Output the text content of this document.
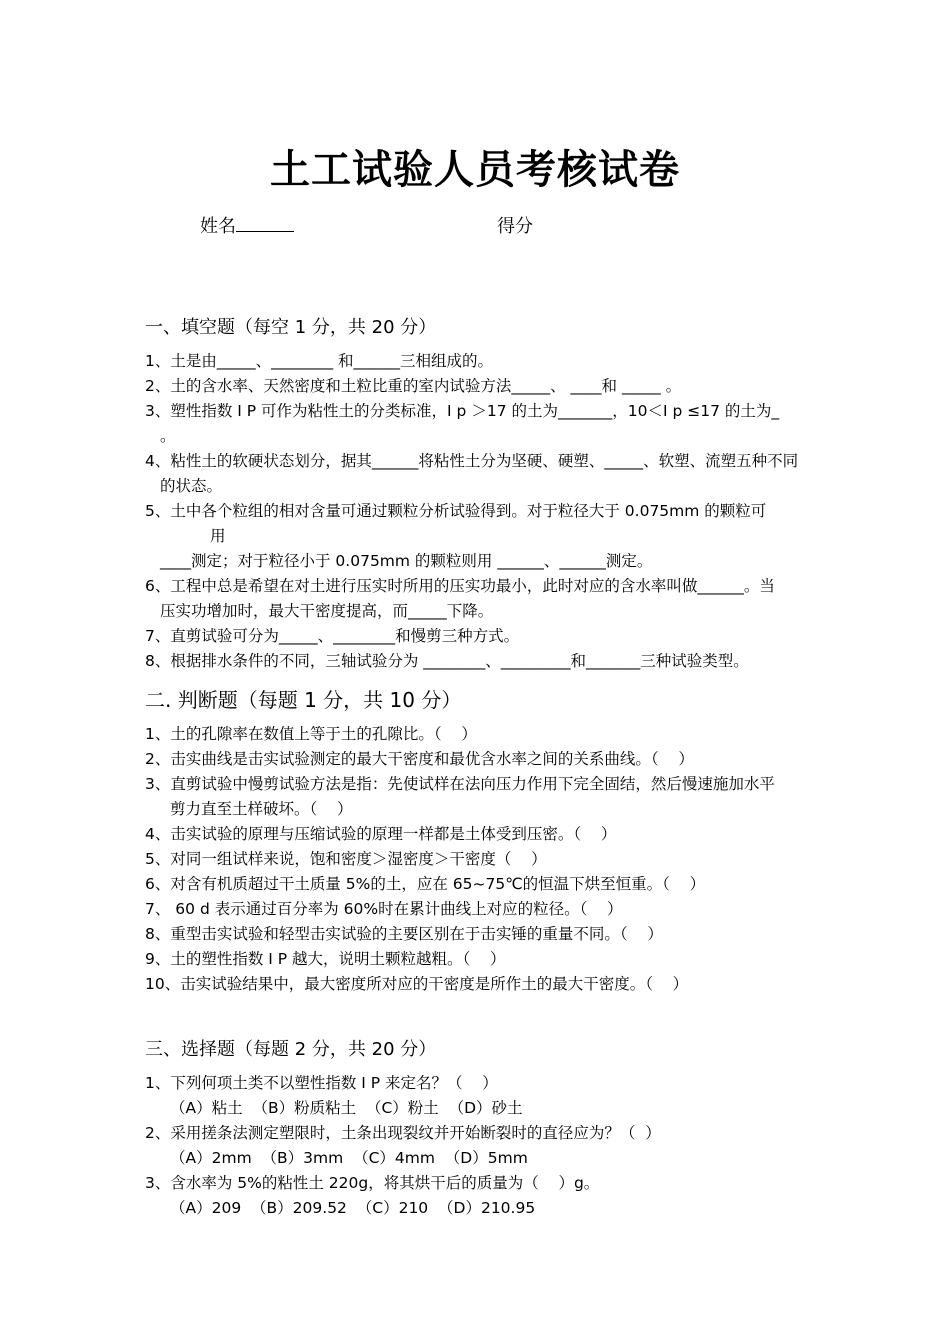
土工试验人员考核试卷
姓名	得分
一、填空题（每空 1 分，共 20 分）
1、土是由_____、________ 和______三相组成的。
2、土的含水率、天然密度和土粒比重的室内试验方法_____、 ____和 _____ 。
3、塑性指数 I P 可作为粘性土的分类标准，I p ＞17 的土为_______，10＜I p ≤17 的土为_
。
4、粘性土的软硬状态划分，据其______将粘性土分为坚硬、硬塑、_____、软塑、流塑五种不同
的状态。
5、土中各个粒组的相对含量可通过颗粒分析试验得到。对于粒径大于 0.075mm 的颗粒可
用
____测定；对于粒径小于 0.075mm 的颗粒则用 ______、______测定。
6、工程中总是希望在对土进行压实时所用的压实功最小，此时对应的含水率叫做______。当
压实功增加时，最大干密度提高，而_____下降。
7、直剪试验可分为_____、________和慢剪三种方式。
8、根据排水条件的不同，三轴试验分为 ________、_________和_______三种试验类型。
二. 判断题（每题 1 分，共 10 分）
1、土的孔隙率在数值上等于土的孔隙比。（    ）
2、击实曲线是击实试验测定的最大干密度和最优含水率之间的关系曲线。（    ）
3、直剪试验中慢剪试验方法是指：先使试样在法向压力作用下完全固结，然后慢速施加水平
剪力直至土样破坏。（    ）
4、击实试验的原理与压缩试验的原理一样都是土体受到压密。（    ）
5、对同一组试样来说，饱和密度＞湿密度＞干密度（    ）
6、对含有机质超过干土质量 5%的土，应在 65~75℃的恒温下烘至恒重。（    ）
7、 60 d 表示通过百分率为 60%时在累计曲线上对应的粒径。（    ）
8、重型击实试验和轻型击实试验的主要区别在于击实锤的重量不同。（    ）
9、土的塑性指数 I P 越大，说明土颗粒越粗。（    ）
10、击实试验结果中，最大密度所对应的干密度是所作土的最大干密度。（    ）
三、选择题（每题 2 分，共 20 分）
1、下列何项土类不以塑性指数 I P 来定名？（    ）
（A）粘土  （B）粉质粘土  （C）粉土  （D）砂土
2、采用搓条法测定塑限时，土条出现裂纹并开始断裂时的直径应为？（  ）
（A）2mm  （B）3mm  （C）4mm  （D）5mm
3、含水率为 5%的粘性土 220g，将其烘干后的质量为（    ）g。
（A）209  （B）209.52  （C）210  （D）210.95
